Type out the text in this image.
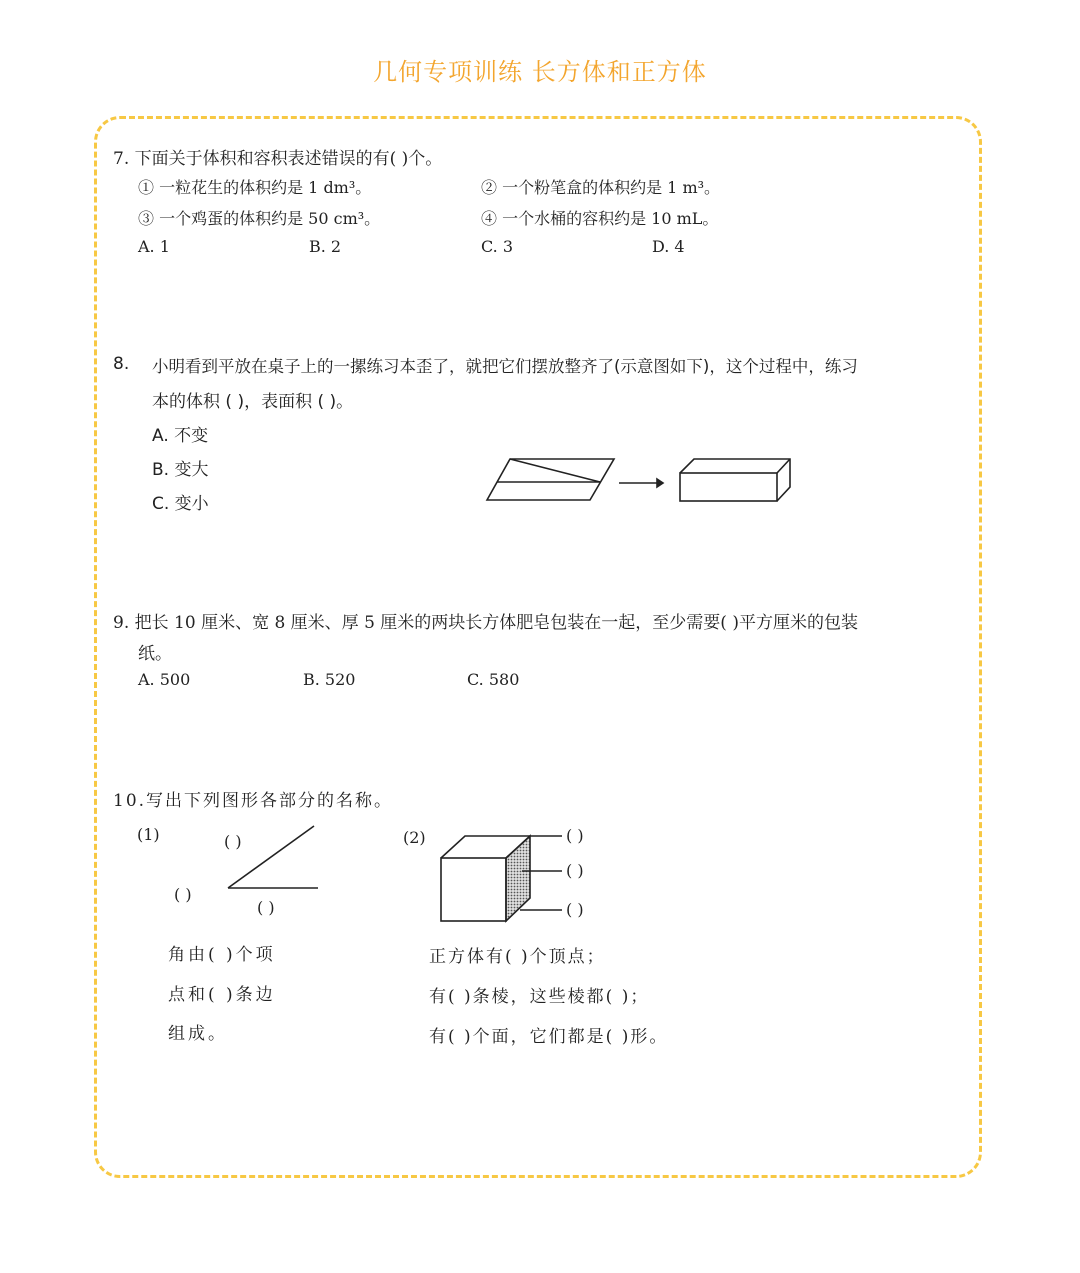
几何专项训练 长方体和正方体
7. 下面关于体积和容积表述错误的有( )个。
① 一粒花生的体积约是 1 dm³。	② 一个粉笔盒的体积约是 1 m³。
③ 一个鸡蛋的体积约是 50 cm³。	④ 一个水桶的容积约是 10 mL。
A. 1	B. 2	C. 3	D. 4
8. 小明看到平放在桌子上的一摞练习本歪了，就把它们摆放整齐了(示意图如下)，这个过程中，练习
本的体积 ( )，表面积 ( )。
A. 不变
B. 变大
C. 变小
9. 把长 10 厘米、宽 8 厘米、厚 5 厘米的两块长方体肥皂包装在一起，至少需要( )平方厘米的包装
纸。
A. 500	B. 520	C. 580
10.写出下列图形各部分的名称。
(1)	( )
( )
( )
角由( )个项
点和( )条边
组成。
(2)	( )
( )
( )
正方体有( )个顶点；
有( )条棱，这些棱都( )；
有( )个面，它们都是( )形。
